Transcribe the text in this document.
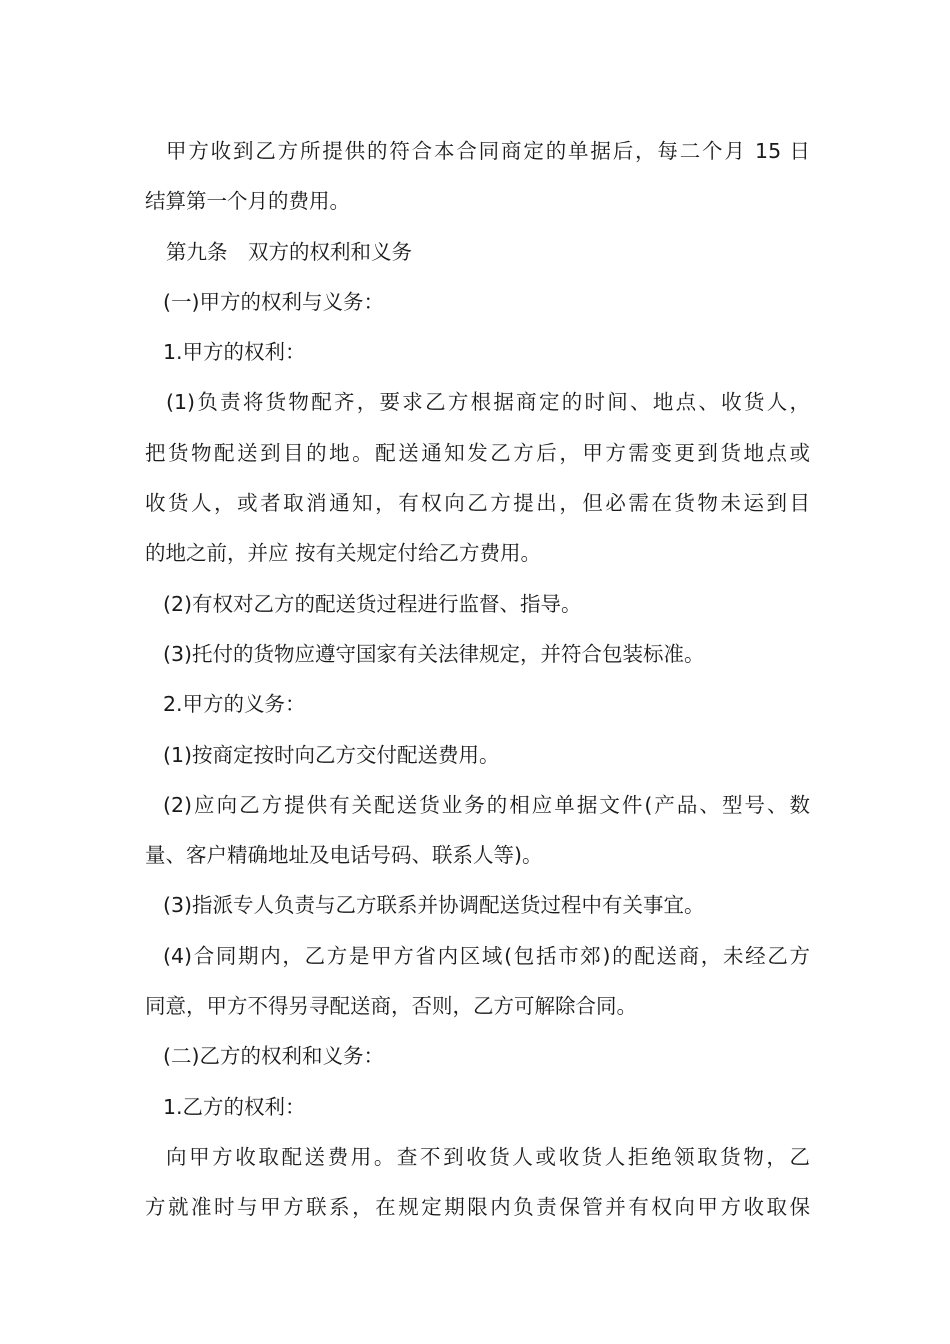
甲方收到乙方所提供的符合本合同商定的单据后，每二个月 15 日
结算第一个月的费用。
第九条　双方的权利和义务
(一)甲方的权利与义务：
1.甲方的权利：
(1)负责将货物配齐，要求乙方根据商定的时间、地点、收货人，
把货物配送到目的地。配送通知发乙方后，甲方需变更到货地点或
收货人，或者取消通知，有权向乙方提出，但必需在货物未运到目
的地之前，并应 按有关规定付给乙方费用。
(2)有权对乙方的配送货过程进行监督、指导。
(3)托付的货物应遵守国家有关法律规定，并符合包装标准。
2.甲方的义务：
(1)按商定按时向乙方交付配送费用。
(2)应向乙方提供有关配送货业务的相应单据文件(产品、型号、数
量、客户精确地址及电话号码、联系人等)。
(3)指派专人负责与乙方联系并协调配送货过程中有关事宜。
(4)合同期内，乙方是甲方省内区域(包括市郊)的配送商，未经乙方
同意，甲方不得另寻配送商，否则，乙方可解除合同。
(二)乙方的权利和义务：
1.乙方的权利：
向甲方收取配送费用。查不到收货人或收货人拒绝领取货物，乙
方就准时与甲方联系，在规定期限内负责保管并有权向甲方收取保
